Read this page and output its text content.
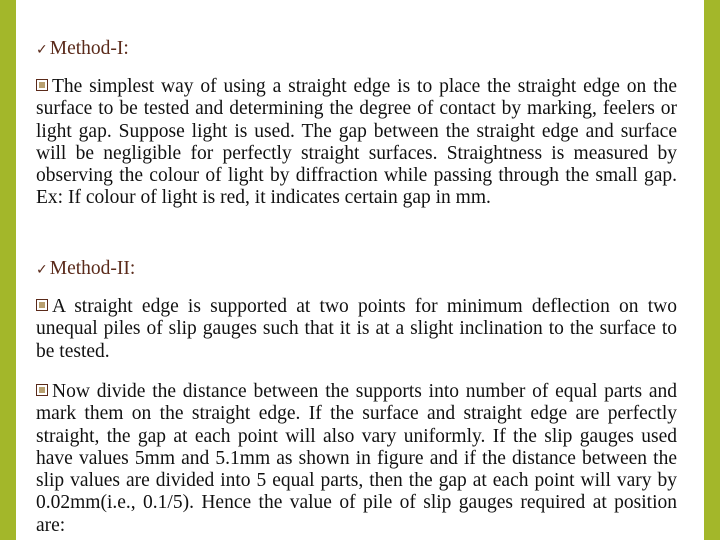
✓ Method-I:
The simplest way of using a straight edge is to place the straight edge on the surface to be tested and determining the degree of contact by marking, feelers or light gap. Suppose light is used. The gap between the straight edge and surface will be negligible for perfectly straight surfaces. Straightness is measured by observing the colour of light by diffraction while passing through the small gap. Ex: If colour of light is red, it indicates certain gap in mm.
✓ Method-II:
A straight edge is supported at two points for minimum deflection on two unequal piles of slip gauges such that it is at a slight inclination to the surface to be tested.
Now divide the distance between the supports into number of equal parts and mark them on the straight edge. If the surface and straight edge are perfectly straight, the gap at each point will also vary uniformly. If the slip gauges used have values 5mm and 5.1mm as shown in figure and if the distance between the slip values are divided into 5 equal parts, then the gap at each point will vary by 0.02mm(i.e., 0.1/5). Hence the value of pile of slip gauges required at position are:
